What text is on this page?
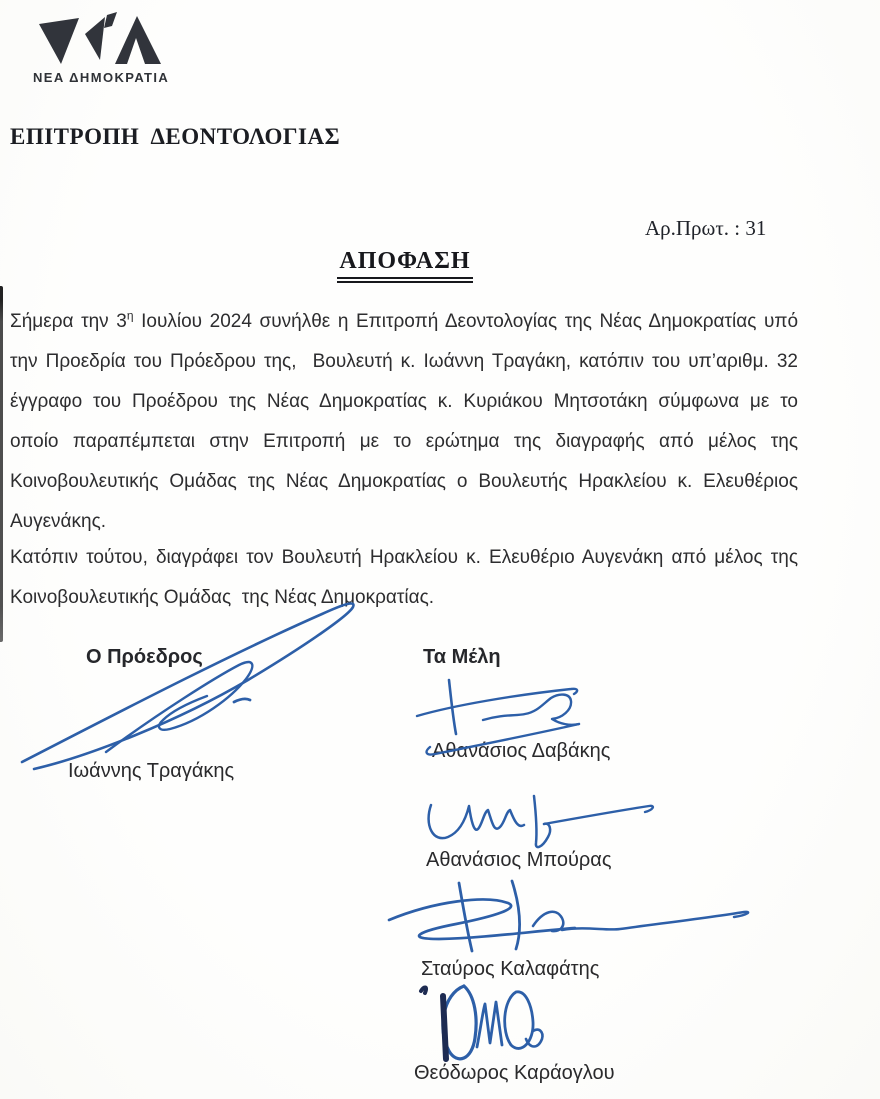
ΝΕΑ ΔΗΜΟΚΡΑΤΙΑ
ΕΠΙΤΡΟΠΗ  ΔΕΟΝΤΟΛΟΓΙΑΣ
Αρ.Πρωτ. : 31
ΑΠΟΦΑΣΗ
Σήμερα την $3^\eta$ Ιουλίου 2024 συνήλθε η Επιτροπή Δεοντολογίας της Νέας Δημοκρατίας υπό
την Προεδρία του Πρόεδρου της,  Βουλευτή κ. Ιωάννη Τραγάκη, κατόπιν του υπ’αριθμ. 32
έγγραφο του Προέδρου της Νέας Δημοκρατίας κ. Κυριάκου Μητσοτάκη σύμφωνα με το
οποίο παραπέμπεται στην Επιτροπή με το ερώτημα της διαγραφής από μέλος της
Κοινοβουλευτικής Ομάδας της Νέας Δημοκρατίας ο Βουλευτής Ηρακλείου κ. Ελευθέριος
Αυγενάκης.
Κατόπιν τούτου, διαγράφει τον Βουλευτή Ηρακλείου κ. Ελευθέριο Αυγενάκη από μέλος της
Κοινοβουλευτικής Ομάδας  της Νέας Δημοκρατίας.
Ο Πρόεδρος
Ιωάννης Τραγάκης
Τα Μέλη
Αθανάσιος Δαβάκης
Αθανάσιος Μπούρας
Σταύρος Καλαφάτης
Θεόδωρος Καράογλου
